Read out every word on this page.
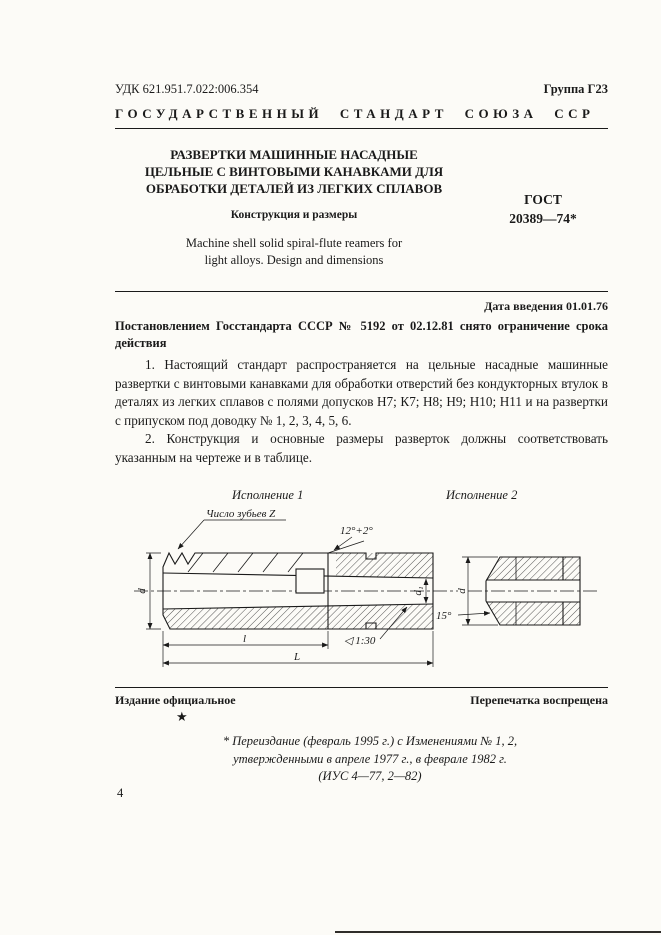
УДК 621.951.7.022:006.354	Группа Г23
ГОСУДАРСТВЕННЫЙ СТАНДАРТ СОЮЗА ССР
РАЗВЕРТКИ МАШИННЫЕ НАСАДНЫЕ
ЦЕЛЬНЫЕ С ВИНТОВЫМИ КАНАВКАМИ ДЛЯ
ОБРАБОТКИ ДЕТАЛЕЙ ИЗ ЛЕГКИХ СПЛАВОВ
Конструкция и размеры
ГОСТ
20389—74*
Machine shell solid spiral-flute reamers for
light alloys. Design and dimensions
Дата введения 01.01.76
Постановлением Госстандарта СССР № 5192 от 02.12.81 снято ограничение срока действия

1. Настоящий стандарт распространяется на цельные насадные машинные развертки с винтовыми канавками для обработки отверстий без кондукторных втулок в деталях из легких сплавов с полями допусков Н7; К7; Н8; Н9; Н10; Н11 и на развертки с припуском под доводку № 1, 2, 3, 4, 5, 6.

2. Конструкция и основные размеры разверток должны соответствовать указанным на чертеже и в таблице.

Исполнение 1	Исполнение 2
Число зубьев Z
12°+2°
◁ 1:30
d	d₁
l
L
d
15°
Издание официальное	Перепечатка воспрещена
★
* Переиздание (февраль 1995 г.) с Изменениями № 1, 2,
утвержденными в апреле 1977 г., в феврале 1982 г.
(ИУС 4—77, 2—82)
4
